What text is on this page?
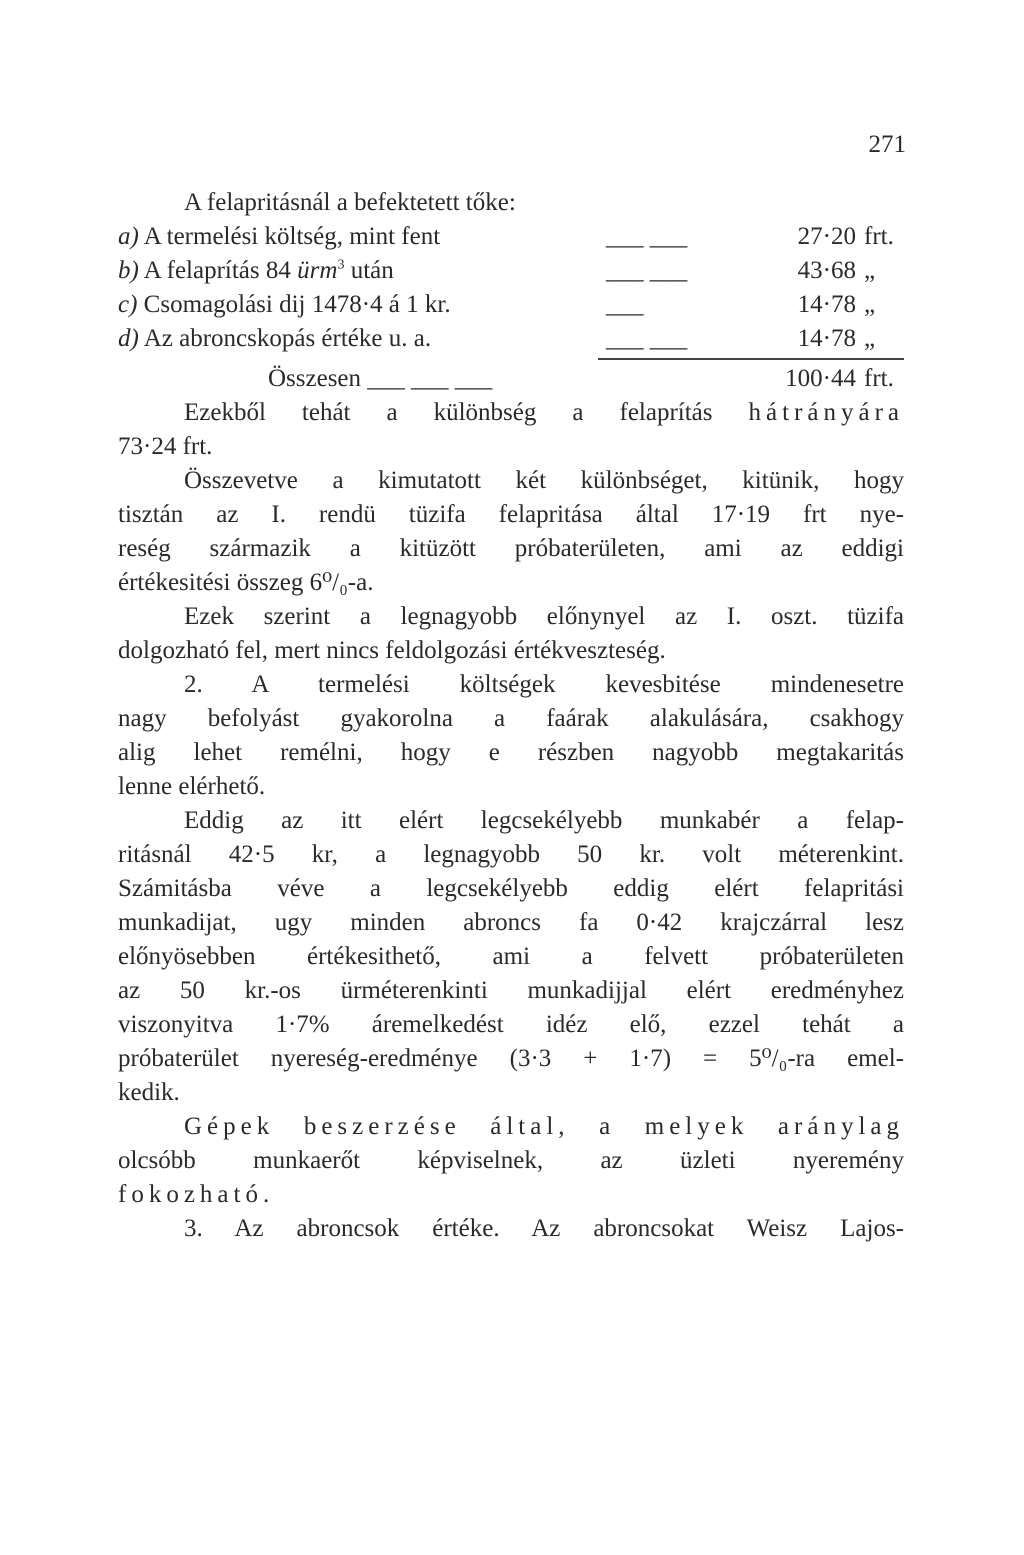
271
A felapritásnál a befektetett tőke:
a) A termelési költség, mint fent	___ ___	27·20 frt.
b) A felaprítás 84 ürm$^3$ után	___ ___	43·68 „
c) Csomagolási dij 1478·4 á 1 kr.	___	14·78 „
d) Az abroncskopás értéke u. a.	___ ___	14·78 „
Összesen ___ ___ ___	100·44 frt.
Ezekből tehát a különbség a felaprítás hátrányára
73·24 frt.
Összevetve a kimutatott két különbséget, kitünik, hogy
tisztán az I. rendü tüzifa felapritása által 17·19 frt nye-
reség származik a kitüzött próbaterületen, ami az eddigi
értékesitési összeg 6⁰/₀-a.
Ezek szerint a legnagyobb előnynyel az I. oszt. tüzifa
dolgozható fel, mert nincs feldolgozási értékveszteség.
2. A termelési költségek kevesbitése mindenesetre
nagy befolyást gyakorolna a faárak alakulására, csakhogy
alig lehet remélni, hogy e részben nagyobb megtakaritás
lenne elérhető.
Eddig az itt elért legcsekélyebb munkabér a felap-
ritásnál 42·5 kr, a legnagyobb 50 kr. volt méterenkint.
Számitásba véve a legcsekélyebb eddig elért felapritási
munkadijat, ugy minden abroncs fa 0·42 krajczárral lesz
előnyösebben értékesithető, ami a felvett próbaterületen
az 50 kr.-os ürméterenkinti munkadijjal elért eredményhez
viszonyitva 1·7% áremelkedést idéz elő, ezzel tehát a
próbaterület nyereség-eredménye (3·3 + 1·7) = 5⁰/₀-ra emel-
kedik.
Gépek beszerzése által, a melyek aránylag
olcsóbb munkaerőt képviselnek, az üzleti nyeremény
fokozható.
3. Az abroncsok értéke. Az abroncsokat Weisz Lajos-
